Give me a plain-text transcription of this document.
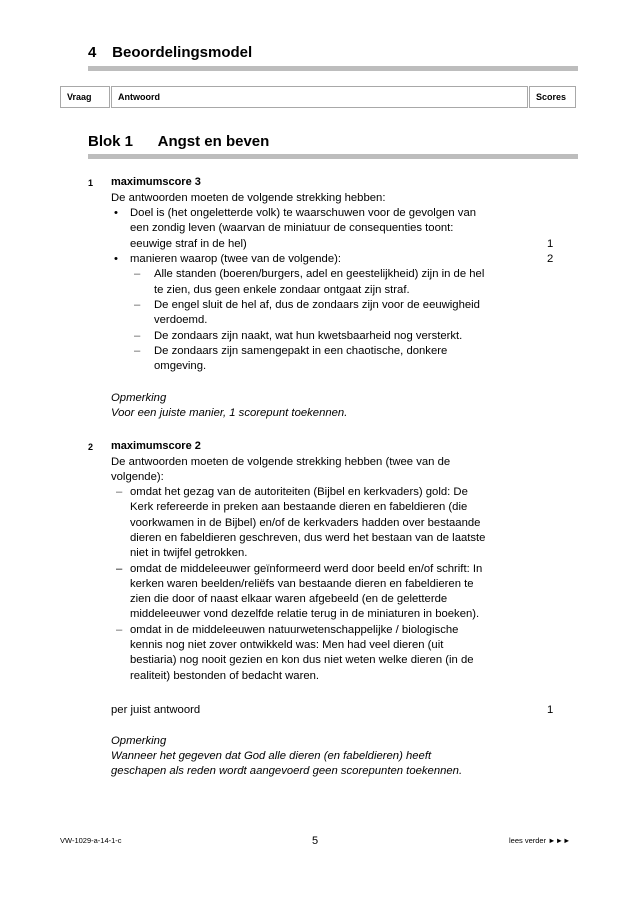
4 Beoordelingsmodel
Vraag	Antwoord	Scores
Blok 1 Angst en beven
1 maximumscore 3
De antwoorden moeten de volgende strekking hebben:
• Doel is (het ongeletterde volk) te waarschuwen voor de gevolgen van
een zondig leven (waarvan de miniatuur de consequenties toont:
eeuwige straf in de hel)	1
• manieren waarop (twee van de volgende):	2
– Alle standen (boeren/burgers, adel en geestelijkheid) zijn in de hel
te zien, dus geen enkele zondaar ontgaat zijn straf.
– De engel sluit de hel af, dus de zondaars zijn voor de eeuwigheid
verdoemd.
– De zondaars zijn naakt, wat hun kwetsbaarheid nog versterkt.
– De zondaars zijn samengepakt in een chaotische, donkere
omgeving.
Opmerking
Voor een juiste manier, 1 scorepunt toekennen.
2 maximumscore 2
De antwoorden moeten de volgende strekking hebben (twee van de
volgende):
– omdat het gezag van de autoriteiten (Bijbel en kerkvaders) gold: De
Kerk refereerde in preken aan bestaande dieren en fabeldieren (die
voorkwamen in de Bijbel) en/of de kerkvaders hadden over bestaande
dieren en fabeldieren geschreven, dus werd het bestaan van de laatste
niet in twijfel getrokken.
– omdat de middeleeuwer geïnformeerd werd door beeld en/of schrift: In
kerken waren beelden/reliëfs van bestaande dieren en fabeldieren te
zien die door of naast elkaar waren afgebeeld (en de geletterde
middeleeuwer vond dezelfde relatie terug in de miniaturen in boeken).
– omdat in de middeleeuwen natuurwetenschappelijke / biologische
kennis nog niet zover ontwikkeld was: Men had veel dieren (uit
bestiaria) nog nooit gezien en kon dus niet weten welke dieren (in de
realiteit) bestonden of bedacht waren.
per juist antwoord	1
Opmerking
Wanneer het gegeven dat God alle dieren (en fabeldieren) heeft
geschapen als reden wordt aangevoerd geen scorepunten toekennen.
VW-1029-a-14-1-c	5	lees verder ►►►
